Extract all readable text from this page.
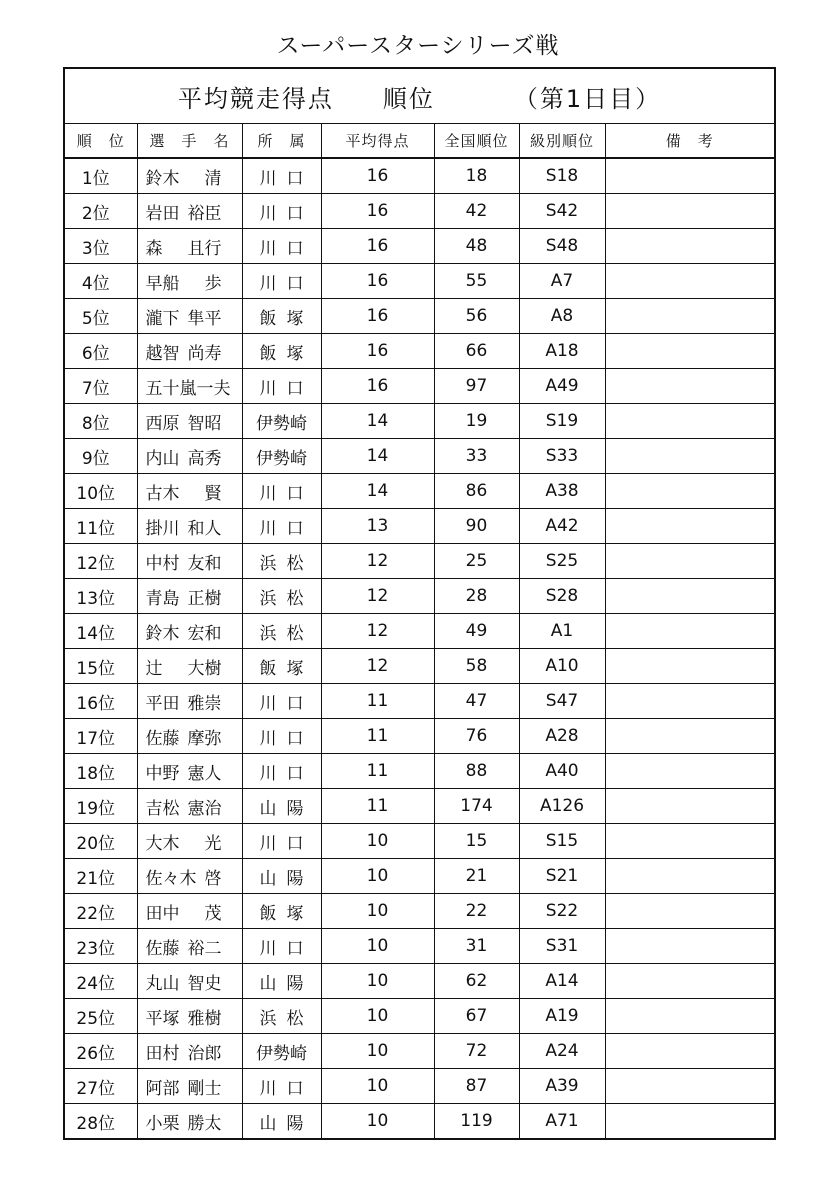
スーパースターシリーズ戦
平均競走得点 順位 （第1日目）						
順　位	選　手　名	所　属	平均得点	全国順位	級別順位	備　考
1位	鈴木 清	川 口	16	18	S18	
2位	岩田 裕臣	川 口	16	42	S42	
3位	森 且行	川 口	16	48	S48	
4位	早船 歩	川 口	16	55	A7	
5位	瀧下 隼平	飯 塚	16	56	A8	
6位	越智 尚寿	飯 塚	16	66	A18	
7位	五十嵐 一夫	川 口	16	97	A49	
8位	西原 智昭	伊勢崎	14	19	S19	
9位	内山 高秀	伊勢崎	14	33	S33	
10位	古木 賢	川 口	14	86	A38	
11位	掛川 和人	川 口	13	90	A42	
12位	中村 友和	浜 松	12	25	S25	
13位	青島 正樹	浜 松	12	28	S28	
14位	鈴木 宏和	浜 松	12	49	A1	
15位	辻 大樹	飯 塚	12	58	A10	
16位	平田 雅崇	川 口	11	47	S47	
17位	佐藤 摩弥	川 口	11	76	A28	
18位	中野 憲人	川 口	11	88	A40	
19位	吉松 憲治	山 陽	11	174	A126	
20位	大木 光	川 口	10	15	S15	
21位	佐々木 啓	山 陽	10	21	S21	
22位	田中 茂	飯 塚	10	22	S22	
23位	佐藤 裕二	川 口	10	31	S31	
24位	丸山 智史	山 陽	10	62	A14	
25位	平塚 雅樹	浜 松	10	67	A19	
26位	田村 治郎	伊勢崎	10	72	A24	
27位	阿部 剛士	川 口	10	87	A39	
28位	小栗 勝太	山 陽	10	119	A71	
